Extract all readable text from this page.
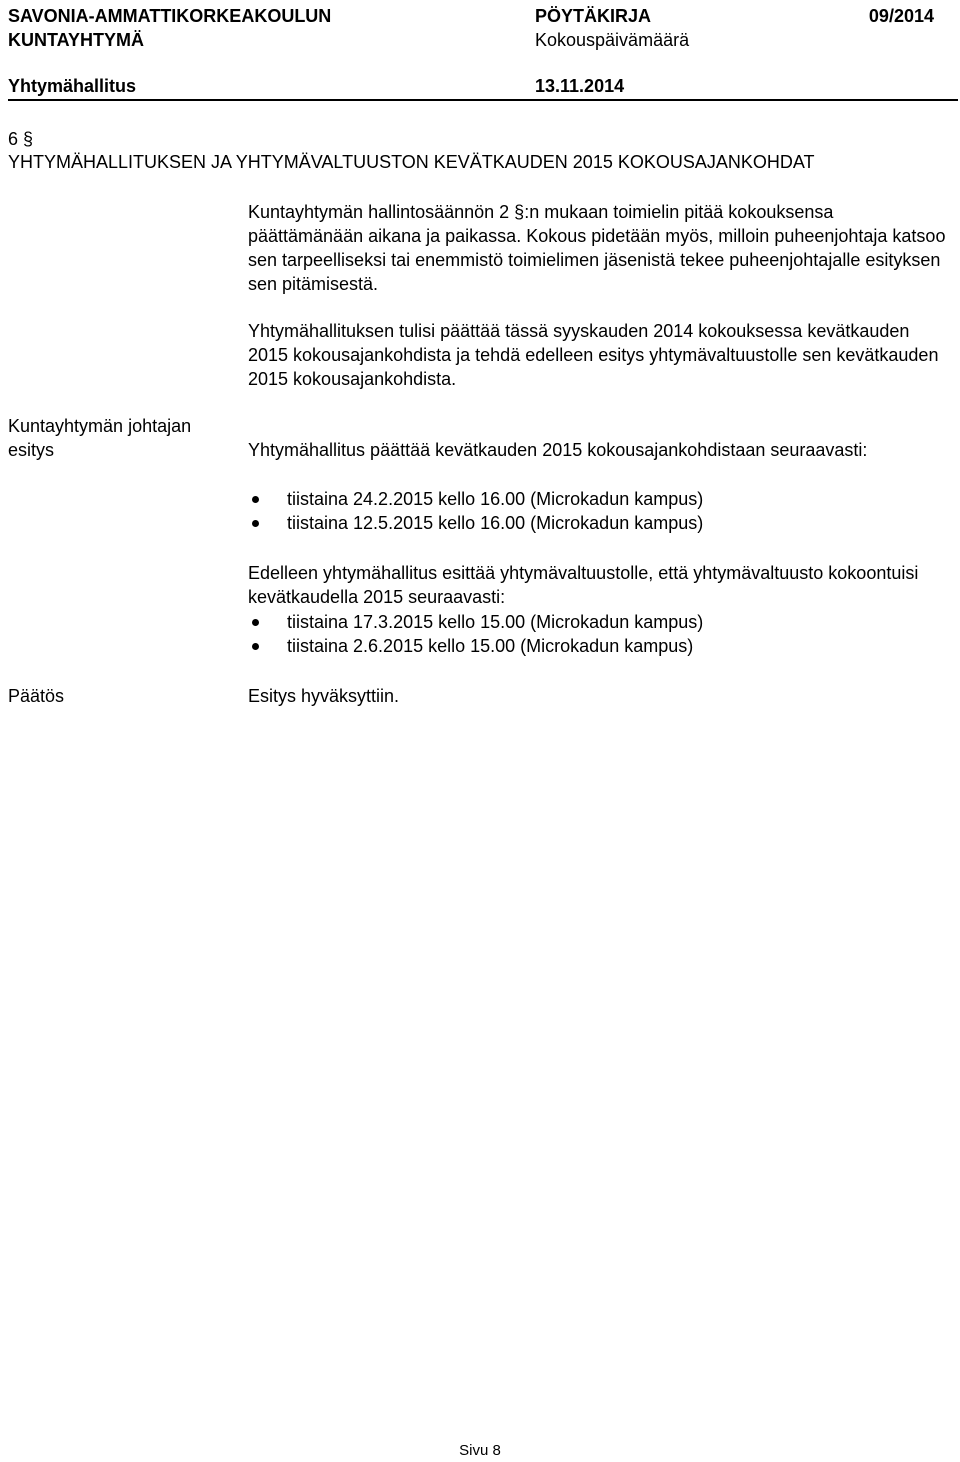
SAVONIA-AMMATTIKORKEAKOULUN
KUNTAYHTYMÄ
PÖYTÄKIRJA	09/2014
Kokouspäivämäärä
Yhtymähallitus	13.11.2014
6 §
YHTYMÄHALLITUKSEN JA YHTYMÄVALTUUSTON KEVÄTKAUDEN 2015 KOKOUSAJANKOHDAT
Kuntayhtymän hallintosäännön 2 §:n mukaan toimielin pitää kokouksensa päättämänään aikana ja paikassa. Kokous pidetään myös, milloin puheenjohtaja katsoo sen tarpeelliseksi tai enemmistö toimielimen jäsenistä tekee puheenjohtajalle esityksen sen pitämisestä.
Yhtymähallituksen tulisi päättää tässä syyskauden 2014 kokouksessa kevätkauden 2015 kokousajankohdista ja tehdä edelleen esitys yhtymävaltuustolle sen kevätkauden 2015 kokousajankohdista.
Kuntayhtymän johtajan esitys	Yhtymähallitus päättää kevätkauden 2015 kokousajankohdistaan seuraavasti:
tiistaina 24.2.2015 kello 16.00 (Microkadun kampus)
tiistaina 12.5.2015 kello 16.00 (Microkadun kampus)
Edelleen yhtymähallitus esittää yhtymävaltuustolle, että yhtymävaltuusto kokoontuisi kevätkaudella 2015 seuraavasti:
tiistaina 17.3.2015 kello 15.00 (Microkadun kampus)
tiistaina 2.6.2015 kello 15.00 (Microkadun kampus)
Päätös	Esitys hyväksyttiin.
Sivu 8
